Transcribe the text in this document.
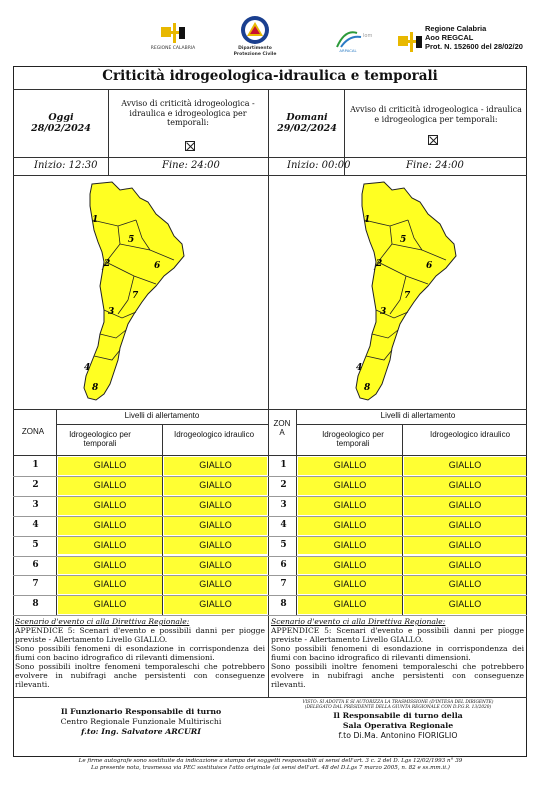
REGIONE CALABRIA	Dipartimento
Protezione Civile
lom
ARPACAL
Regione Calabria
Aoo REGCAL
Prot. N. 152600 del 28/02/20
Criticità idrogeologica-idraulica e temporali
Oggi
28/02/2024
Avviso di criticità idrogeologica - idraulica e idrogeologica per temporali:
Inizio: 12:30	Fine: 24:00
Domani
29/02/2024
Avviso di criticità idrogeologica - idraulica e idrogeologica per temporali:
Inizio: 00:00	Fine: 24:00
1
2
3
4
5
6
7
8
1
2
3
4
5
6
7
8
Livelli di allertamento
ZONA	Idrogeologico per temporali
Idrogeologico idraulico
Livelli di allertamento
ZON
A	Idrogeologico per temporali
Idrogeologico idraulico
1	GIALLO	GIALLO	1	GIALLO	GIALLO
2	GIALLO	GIALLO	2	GIALLO	GIALLO
3	GIALLO	GIALLO	3	GIALLO	GIALLO
4	GIALLO	GIALLO	4	GIALLO	GIALLO
5	GIALLO	GIALLO	5	GIALLO	GIALLO
6	GIALLO	GIALLO	6	GIALLO	GIALLO
7	GIALLO	GIALLO	7	GIALLO	GIALLO
8	GIALLO	GIALLO	8	GIALLO	GIALLO
Scenario d'evento ci alla Direttiva Regionale:
APPENDICE 5: Scenari d'evento e possibili danni per piogge previste - Allertamento Livello GIALLO.
Sono possibili fenomeni di esondazione in corrispondenza dei fiumi con bacino idrografico di rilevanti dimensioni.
Sono possibili inoltre fenomeni temporaleschi che potrebbero evolvere in nubifragi anche persistenti con conseguenze rilevanti.
Scenario d'evento ci alla Direttiva Regionale:
APPENDICE 5: Scenari d'evento e possibili danni per piogge previste - Allertamento Livello GIALLO.
Sono possibili fenomeni di esondazione in corrispondenza dei fiumi con bacino idrografico di rilevanti dimensioni.
Sono possibili inoltre fenomeni temporaleschi che potrebbero evolvere in nubifragi anche persistenti con conseguenze rilevanti.
Il Funzionario Responsabile di turno
Centro Regionale Funzionale Multirischi
f.to: Ing. Salvatore ARCURI
VISTO: SI ADOTTA E SI AUTORIZZA LA TRASMISSIONE (D'INTESA DEL DIRIGENTE)
(DELEGATO DAL PRESIDENTE DELLA GIUNTA REGIONALE CON D.P.G.R. 13/2020)
Il Responsabile di turno della
Sala Operativa Regionale
f.to Di.Ma. Antonino FIORIGLIO
Le firme autografe sono sostituite da indicazione a stampa dei soggetti responsabili ai sensi dell'art. 3 c. 2 del D. Lgs 12/02/1993 n° 39
La presente nota, trasmessa via PEC sostituisce l'atto originale (ai sensi dell'art. 48 del D.Lgs 7 marzo 2005, n. 82 e ss.mm.ii.)
